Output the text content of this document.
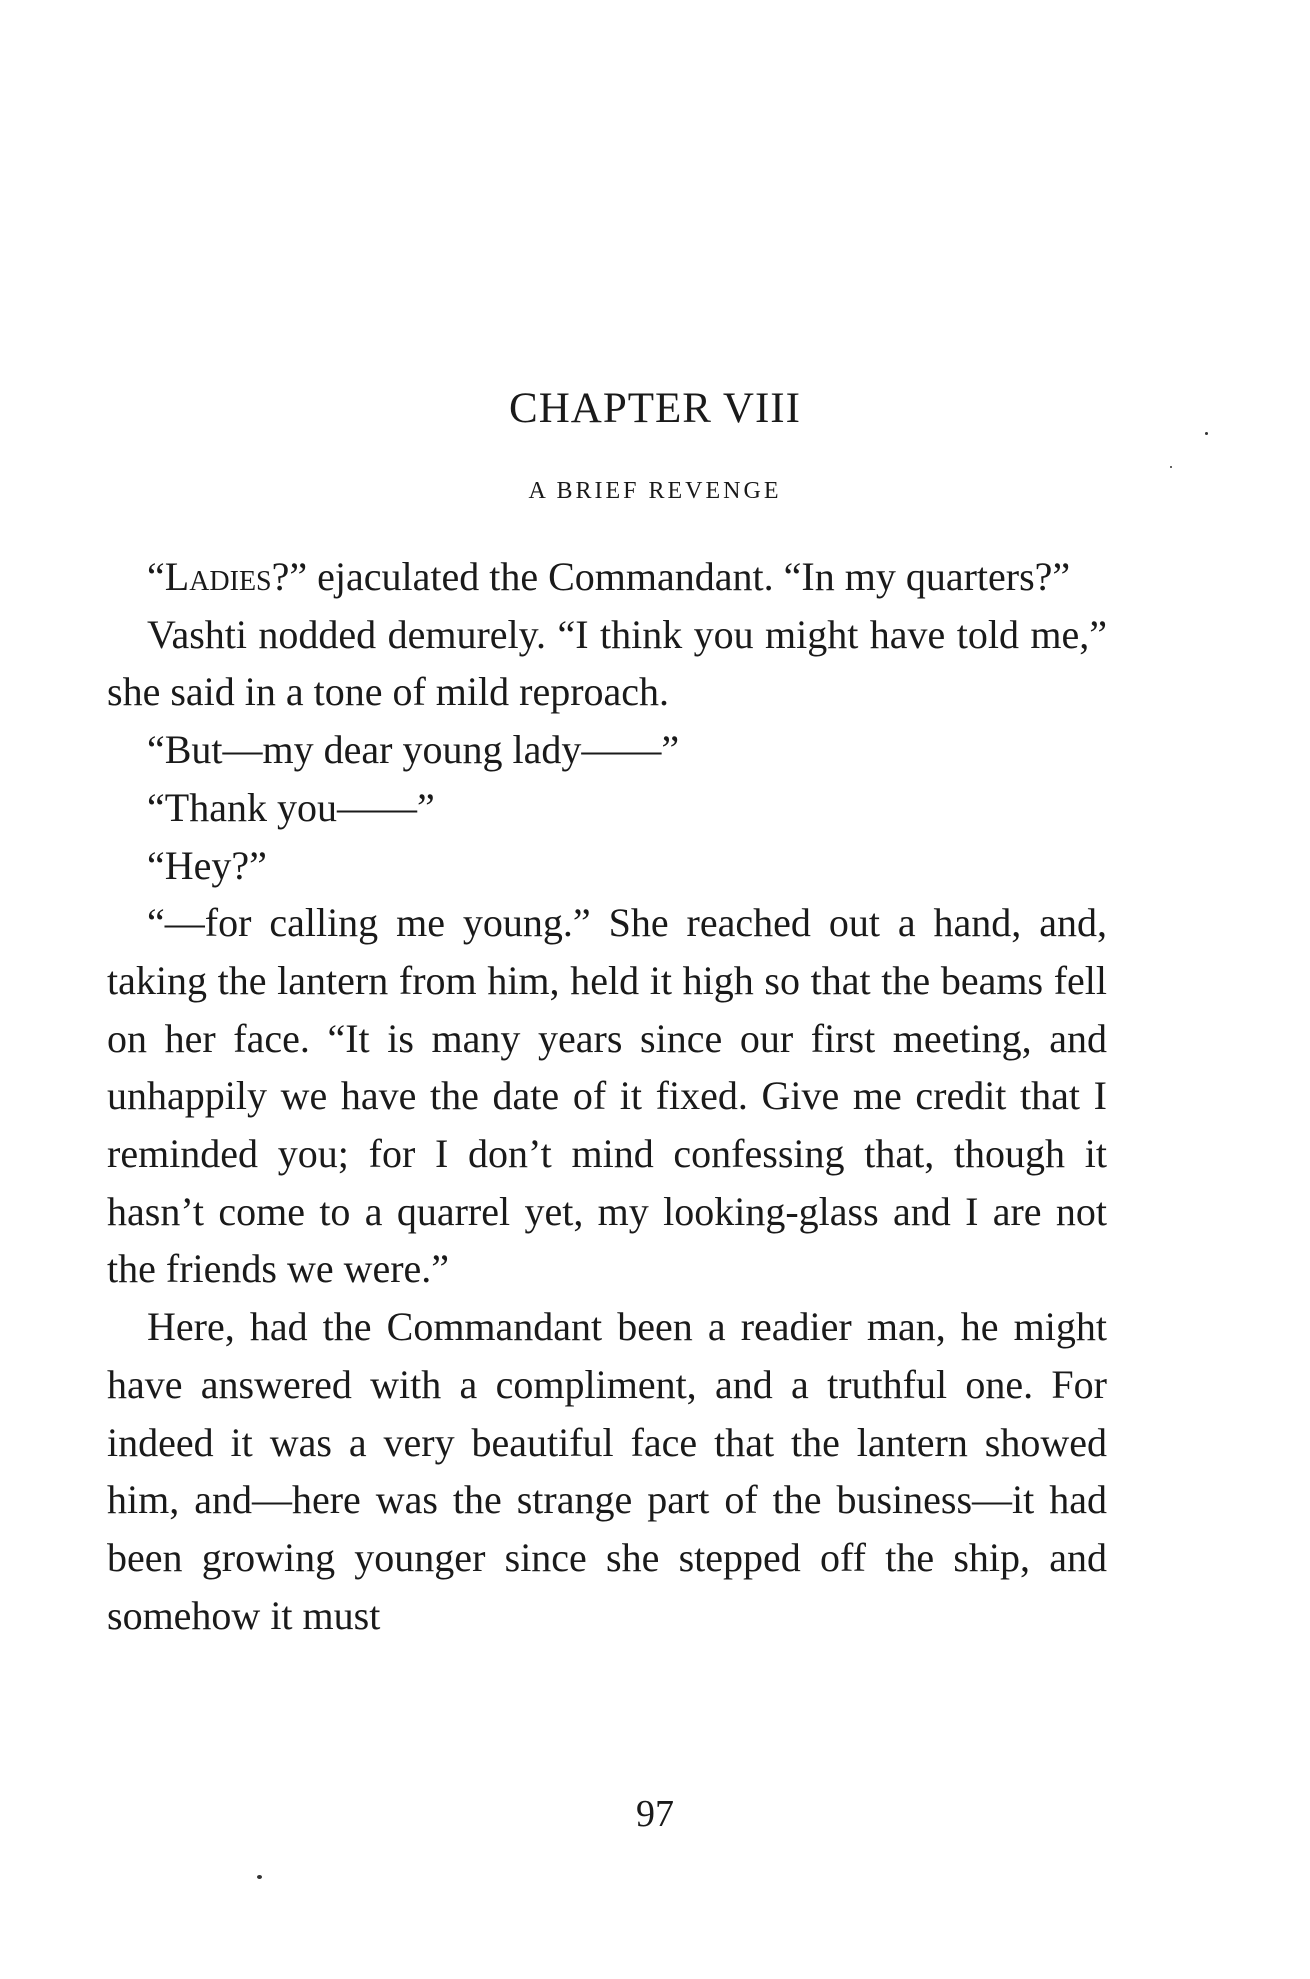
CHAPTER VIII
A BRIEF REVENGE

“Ladies?” ejaculated the Commandant. “In my quarters?”

Vashti nodded demurely. “I think you might have told me,” she said in a tone of mild reproach.

“But—my dear young lady——”

“Thank you——”

“Hey?”

“—for calling me young.” She reached out a hand, and, taking the lantern from him, held it high so that the beams fell on her face. “It is many years since our first meeting, and unhappily we have the date of it fixed. Give me credit that I reminded you; for I don’t mind confessing that, though it hasn’t come to a quarrel yet, my looking-glass and I are not the friends we were.”

Here, had the Commandant been a readier man, he might have answered with a compliment, and a truthful one. For indeed it was a very beautiful face that the lantern showed him, and—here was the strange part of the business—it had been growing younger since she stepped off the ship, and somehow it must

97
